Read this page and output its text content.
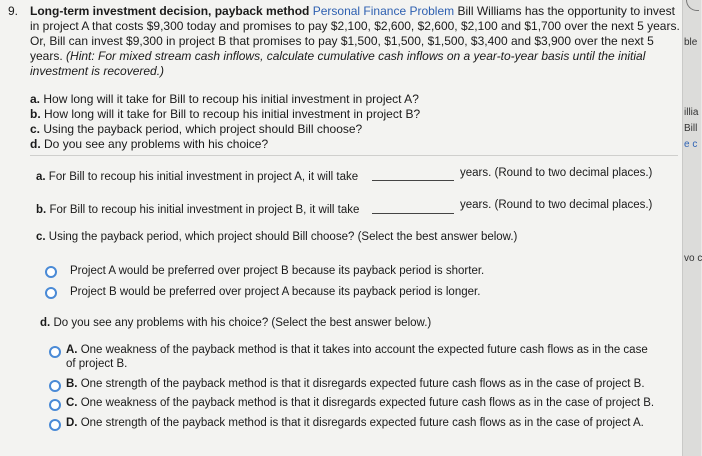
9. Long-term investment decision, payback method Personal Finance Problem Bill Williams has the opportunity to invest in project A that costs $9,300 today and promises to pay $2,100, $2,600, $2,600, $2,100 and $1,700 over the next 5 years. Or, Bill can invest $9,300 in project B that promises to pay $1,500, $1,500, $1,500, $3,400 and $3,900 over the next 5 years. (Hint: For mixed stream cash inflows, calculate cumulative cash inflows on a year-to-year basis until the initial investment is recovered.)
a. How long will it take for Bill to recoup his initial investment in project A?
b. How long will it take for Bill to recoup his initial investment in project B?
c. Using the payback period, which project should Bill choose?
d. Do you see any problems with his choice?
a. For Bill to recoup his initial investment in project A, it will take	years. (Round to two decimal places.)
b. For Bill to recoup his initial investment in project B, it will take	years. (Round to two decimal places.)
c. Using the payback period, which project should Bill choose? (Select the best answer below.)
Project A would be preferred over project B because its payback period is shorter.
Project B would be preferred over project A because its payback period is longer.
d. Do you see any problems with his choice? (Select the best answer below.)
A. One weakness of the payback method is that it takes into account the expected future cash flows as in the case of project B.
B. One strength of the payback method is that it disregards expected future cash flows as in the case of project B.
C. One weakness of the payback method is that it disregards expected future cash flows as in the case of project B.
D. One strength of the payback method is that it disregards expected future cash flows as in the case of project A.
ble
illia
Bill
e c
vo c
